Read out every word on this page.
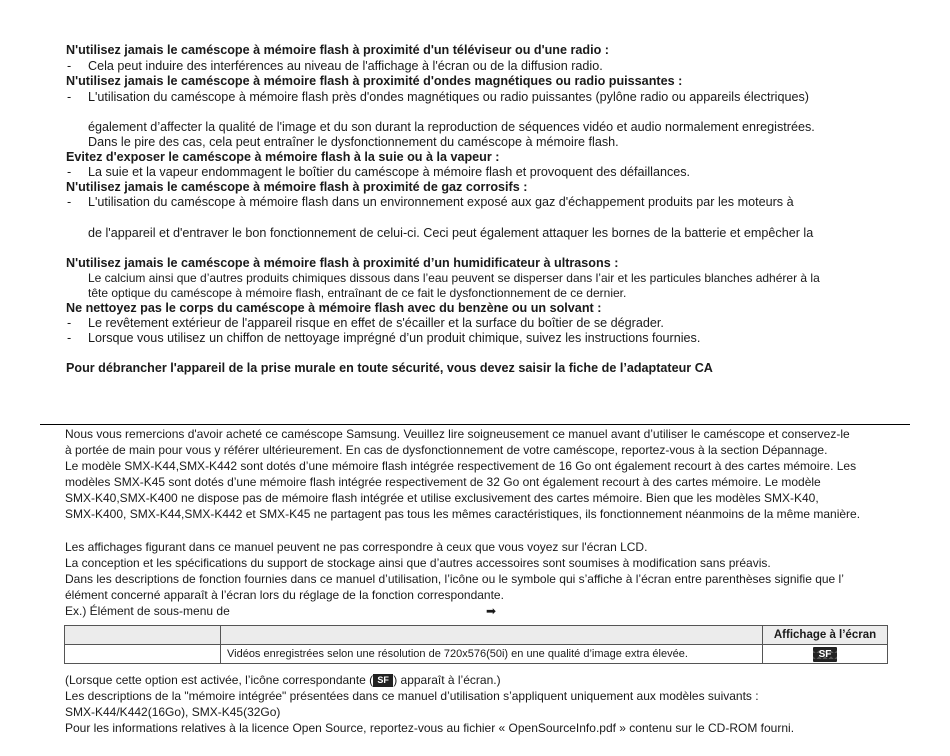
N'utilisez jamais le caméscope à mémoire flash à proximité d'un téléviseur ou d'une radio :
- Cela peut induire des interférences au niveau de l'affichage à l'écran ou de la diffusion radio.
N'utilisez jamais le caméscope à mémoire flash à proximité d'ondes magnétiques ou radio puissantes :
- L'utilisation du caméscope à mémoire flash près d'ondes magnétiques ou radio puissantes (pylône radio ou appareils électriques)
également d’affecter la qualité de l'image et du son durant la reproduction de séquences vidéo et audio normalement enregistrées.
Dans le pire des cas, cela peut entraîner le dysfonctionnement du caméscope à mémoire flash.
Evitez d'exposer le caméscope à mémoire flash à la suie ou à la vapeur :
- La suie et la vapeur endommagent le boîtier du caméscope à mémoire flash et provoquent des défaillances.
N'utilisez jamais le caméscope à mémoire flash à proximité de gaz corrosifs :
- L'utilisation du caméscope à mémoire flash dans un environnement exposé aux gaz d'échappement produits par les moteurs à
de l'appareil et d'entraver le bon fonctionnement de celui-ci. Ceci peut également attaquer les bornes de la batterie et empêcher la
N'utilisez jamais le caméscope à mémoire flash à proximité d’un humidificateur à ultrasons :
Le calcium ainsi que d’autres produits chimiques dissous dans l’eau peuvent se disperser dans l’air et les particules blanches adhérer à la
tête optique du caméscope à mémoire flash, entraînant de ce fait le dysfonctionnement de ce dernier.
Ne nettoyez pas le corps du caméscope à mémoire flash avec du benzène ou un solvant :
- Le revêtement extérieur de l'appareil risque en effet de s'écailler et la surface du boîtier de se dégrader.
- Lorsque vous utilisez un chiffon de nettoyage imprégné d’un produit chimique, suivez les instructions fournies.
Pour débrancher l'appareil de la prise murale en toute sécurité, vous devez saisir la fiche de l’adaptateur CA
Nous vous remercions d'avoir acheté ce caméscope Samsung. Veuillez lire soigneusement ce manuel avant d’utiliser le caméscope et conservez-le
à portée de main pour vous y référer ultérieurement. En cas de dysfonctionnement de votre caméscope, reportez-vous à la section Dépannage.
Le modèle SMX-K44,SMX-K442 sont dotés d’une mémoire flash intégrée respectivement de 16 Go ont également recourt à des cartes mémoire. Les
modèles SMX-K45 sont dotés d’une mémoire flash intégrée respectivement de 32 Go ont également recourt à des cartes mémoire. Le modèle
SMX-K40,SMX-K400 ne dispose pas de mémoire flash intégrée et utilise exclusivement des cartes mémoire. Bien que les modèles SMX-K40,
SMX-K400, SMX-K44,SMX-K442 et SMX-K45 ne partagent pas tous les mêmes caractéristiques, ils fonctionnement néanmoins de la même manière.
Les affichages figurant dans ce manuel peuvent ne pas correspondre à ceux que vous voyez sur l'écran LCD.
La conception et les spécifications du support de stockage ainsi que d’autres accessoires sont soumises à modification sans préavis.
Dans les descriptions de fonction fournies dans ce manuel d’utilisation, l’icône ou le symbole qui s’affiche à l’écran entre parenthèses signifie que l’
élément concerné apparaît à l’écran lors du réglage de la fonction correspondante.
Ex.) Élément de sous-menu de	➡
		Affichage à l’écran
	Vidéos enregistrées selon une résolution de 720x576(50i) en une qualité d’image extra élevée.	SF
(Lorsque cette option est activée, l’icône correspondante ( SF ) apparaît à l’écran.)
Les descriptions de la "mémoire intégrée" présentées dans ce manuel d’utilisation s’appliquent uniquement aux modèles suivants :
SMX-K44/K442(16Go), SMX-K45(32Go)
Pour les informations relatives à la licence Open Source, reportez-vous au fichier « OpenSourceInfo.pdf » contenu sur le CD-ROM fourni.
